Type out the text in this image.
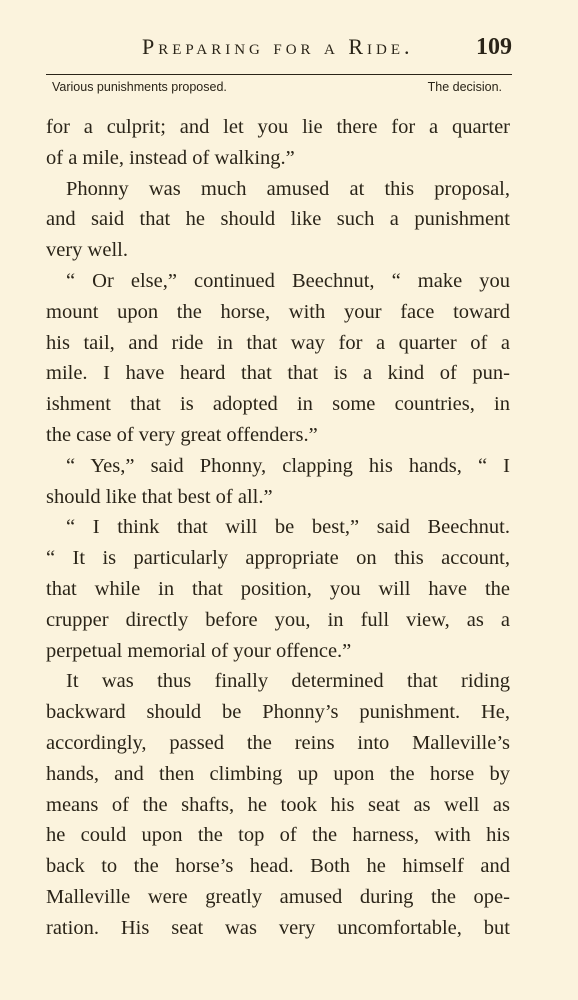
Preparing for a Ride.	109
Various punishments proposed.	The decision.
for a culprit; and let you lie there for a quarter
of a mile, instead of walking.”
Phonny was much amused at this proposal,
and said that he should like such a punishment
very well.
“ Or else,” continued Beechnut, “ make you
mount upon the horse, with your face toward
his tail, and ride in that way for a quarter of a
mile. I have heard that that is a kind of pun-
ishment that is adopted in some countries, in
the case of very great offenders.”
“ Yes,” said Phonny, clapping his hands, “ I
should like that best of all.”
“ I think that will be best,” said Beechnut.
“ It is particularly appropriate on this account,
that while in that position, you will have the
crupper directly before you, in full view, as a
perpetual memorial of your offence.”
It was thus finally determined that riding
backward should be Phonny’s punishment. He,
accordingly, passed the reins into Malleville’s
hands, and then climbing up upon the horse by
means of the shafts, he took his seat as well as
he could upon the top of the harness, with his
back to the horse’s head. Both he himself and
Malleville were greatly amused during the ope-
ration. His seat was very uncomfortable, but
